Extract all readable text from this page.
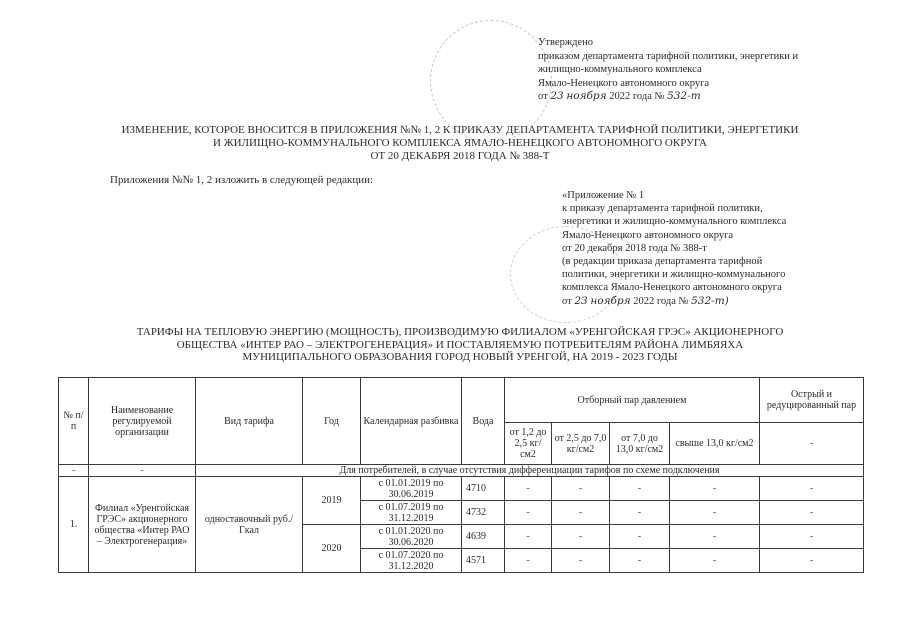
Утверждено
приказом департамента тарифной политики, энергетики и
жилищно-коммунального комплекса
Ямало-Ненецкого автономного округа
от 23 ноября 2022 года № 532-т
ИЗМЕНЕНИЕ, КОТОРОЕ ВНОСИТСЯ В ПРИЛОЖЕНИЯ №№ 1, 2 К ПРИКАЗУ ДЕПАРТАМЕНТА ТАРИФНОЙ ПОЛИТИКИ, ЭНЕРГЕТИКИ
И ЖИЛИЩНО-КОММУНАЛЬНОГО КОМПЛЕКСА ЯМАЛО-НЕНЕЦКОГО АВТОНОМНОГО ОКРУГА
ОТ 20 ДЕКАБРЯ 2018 ГОДА № 388-Т
Приложения №№ 1, 2 изложить в следующей редакции:
«Приложение № 1
к приказу департамента тарифной политики,
энергетики и жилищно-коммунального комплекса
Ямало-Ненецкого автономного округа
от 20 декабря 2018 года № 388-т
(в редакции приказа департамента тарифной
политики, энергетики и жилищно-коммунального
комплекса Ямало-Ненецкого автономного округа
от 23 ноября 2022 года № 532-т)
ТАРИФЫ НА ТЕПЛОВУЮ ЭНЕРГИЮ (МОЩНОСТЬ), ПРОИЗВОДИМУЮ ФИЛИАЛОМ «УРЕНГОЙСКАЯ ГРЭС» АКЦИОНЕРНОГО
ОБЩЕСТВА «ИНТЕР РАО – ЭЛЕКТРОГЕНЕРАЦИЯ» И ПОСТАВЛЯЕМУЮ ПОТРЕБИТЕЛЯМ РАЙОНА ЛИМБЯЯХА
МУНИЦИПАЛЬНОГО ОБРАЗОВАНИЯ ГОРОД НОВЫЙ УРЕНГОЙ, НА 2019 - 2023 ГОДЫ
№ п/п	Наименование регулируемой организации	Вид тарифа	Год	Календарная разбивка	Вода	Отборный пар давлением				Острый и редуцированный пар
						от 1,2 до 2,5 кг/см2	от 2,5 до 7,0 кг/см2	от 7,0 до 13,0 кг/см2	свыше 13,0 кг/см2	-
-	-	Для потребителей, в случае отсутствия дифференциации тарифов по схеме подключения								
1.	Филиал «Уренгойская ГРЭС» акционерного общества «Интер РАО – Электрогенерация»	одноставочный руб./Гкал	2019	с 01.01.2019 по 30.06.2019	4710	-	-	-	-	-
				с 01.07.2019 по 31.12.2019	4732	-	-	-	-	-
			2020	с 01.01.2020 по 30.06.2020	4639	-	-	-	-	-
				с 01.07.2020 по 31.12.2020	4571	-	-	-	-	-
